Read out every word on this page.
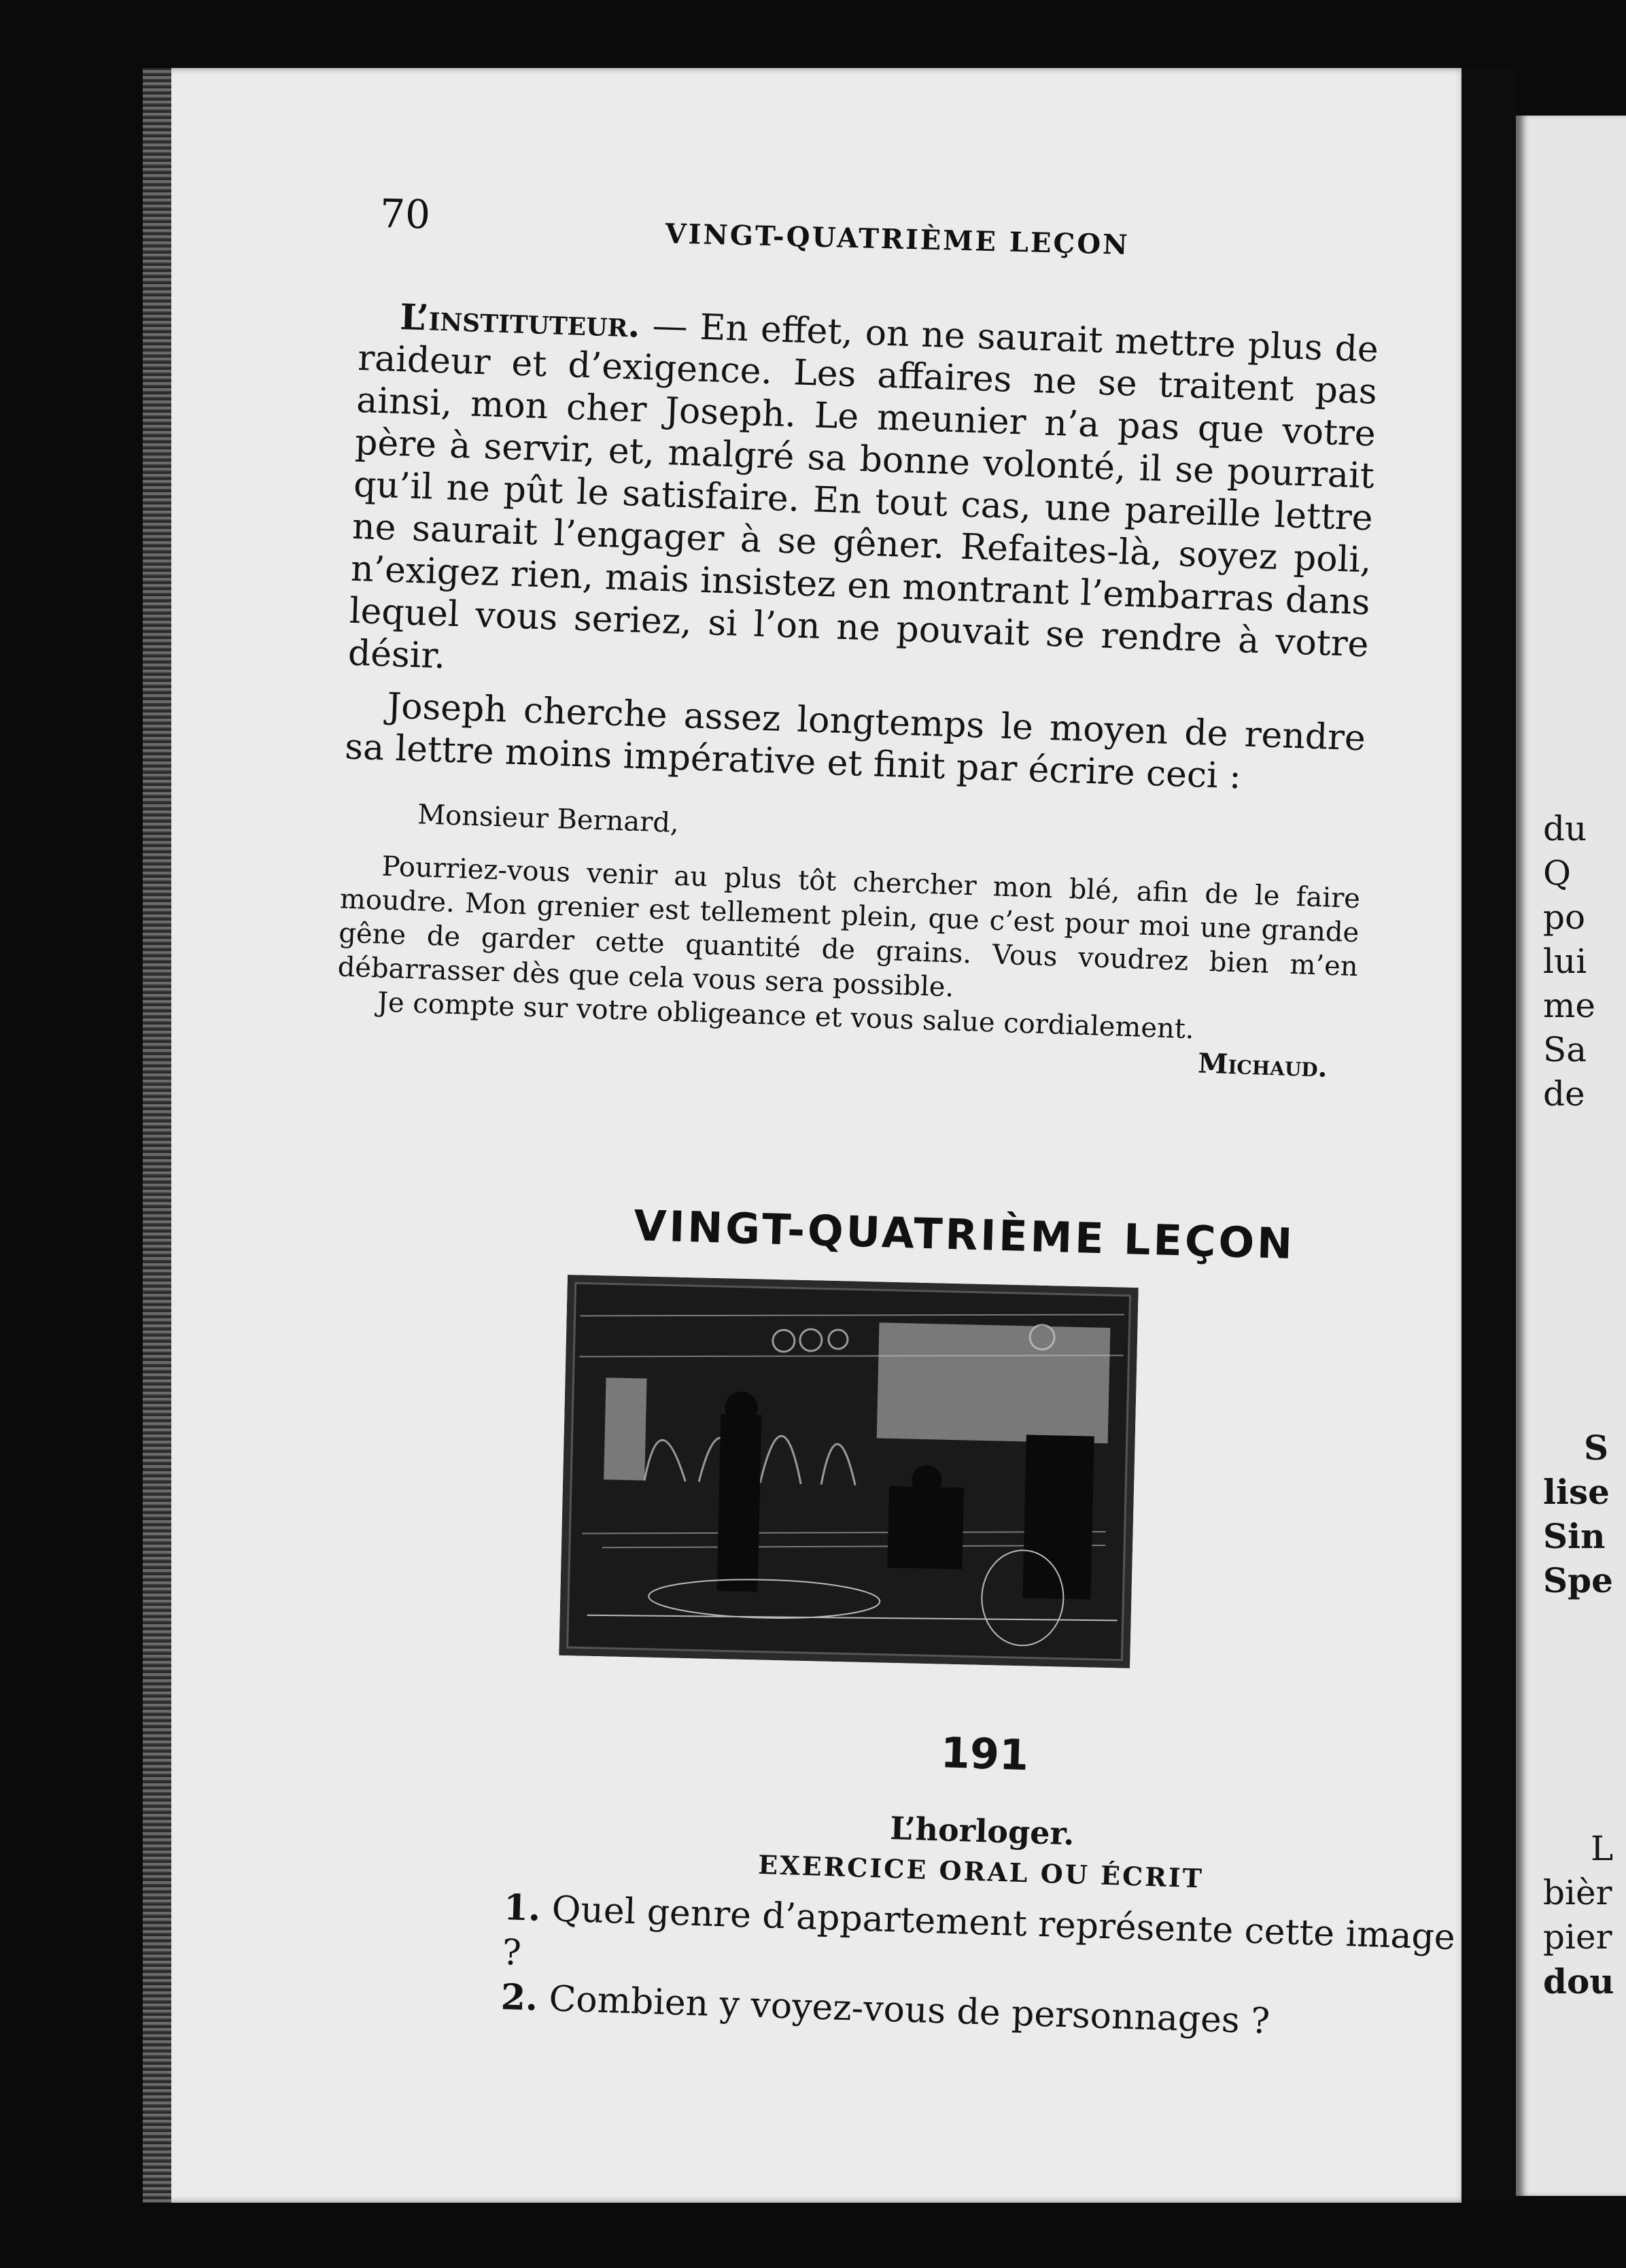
70
VINGT-QUATRIÈME LEÇON

L’instituteur. — En effet, on ne saurait mettre plus de raideur et d’exigence. Les affaires ne se traitent pas ainsi, mon cher Joseph. Le meunier n’a pas que votre père à servir, et, malgré sa bonne volonté, il se pourrait qu’il ne pût le satisfaire. En tout cas, une pareille lettre ne saurait l’engager à se gêner. Refaites-là, soyez poli, n’exigez rien, mais insistez en montrant l’embarras dans lequel vous seriez, si l’on ne pouvait se rendre à votre désir.

Joseph cherche assez longtemps le moyen de rendre sa lettre moins impérative et finit par écrire ceci :

Monsieur Bernard,

Pourriez-vous venir au plus tôt chercher mon blé, afin de le faire moudre. Mon grenier est tellement plein, que c’est pour moi une grande gêne de garder cette quantité de grains. Vous voudrez bien m’en débarrasser dès que cela vous sera possible.

Je compte sur votre obligeance et vous salue cordialement.

Michaud.
VINGT-QUATRIÈME LEÇON

191

L’horloger.

EXERCICE ORAL OU ÉCRIT

1. Quel genre d’appartement représente cette image ?

2. Combien y voyez-vous de personnages ?

du
Q
po
lui
me
Sa
de
S
lise
Sin
Spe
L
bièr
pier
dou
